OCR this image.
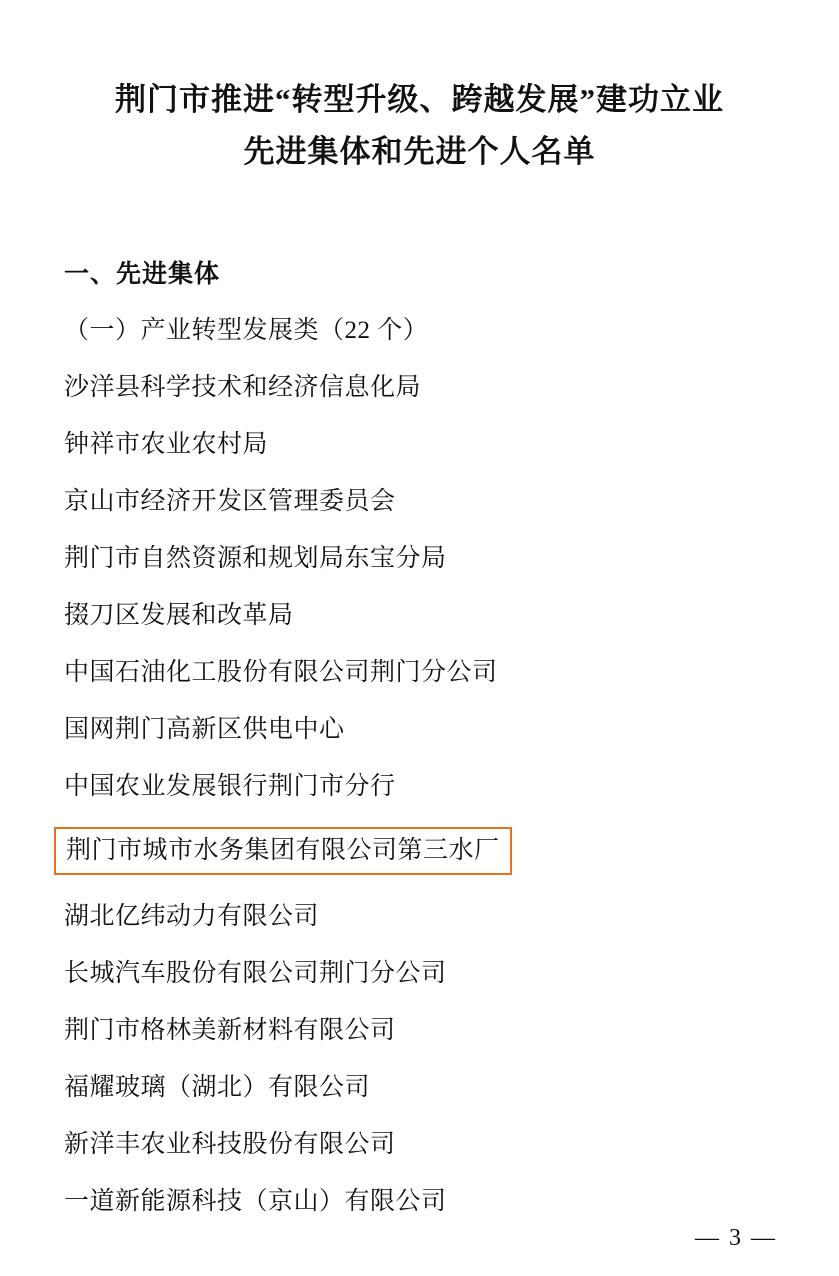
荆门市推进“转型升级、跨越发展”建功立业
先进集体和先进个人名单
一、先进集体
（一）产业转型发展类（22 个）
沙洋县科学技术和经济信息化局
钟祥市农业农村局
京山市经济开发区管理委员会
荆门市自然资源和规划局东宝分局
掇刀区发展和改革局
中国石油化工股份有限公司荆门分公司
国网荆门高新区供电中心
中国农业发展银行荆门市分行
荆门市城市水务集团有限公司第三水厂
湖北亿纬动力有限公司
长城汽车股份有限公司荆门分公司
荆门市格林美新材料有限公司
福耀玻璃（湖北）有限公司
新洋丰农业科技股份有限公司
一道新能源科技（京山）有限公司
— 3 —
